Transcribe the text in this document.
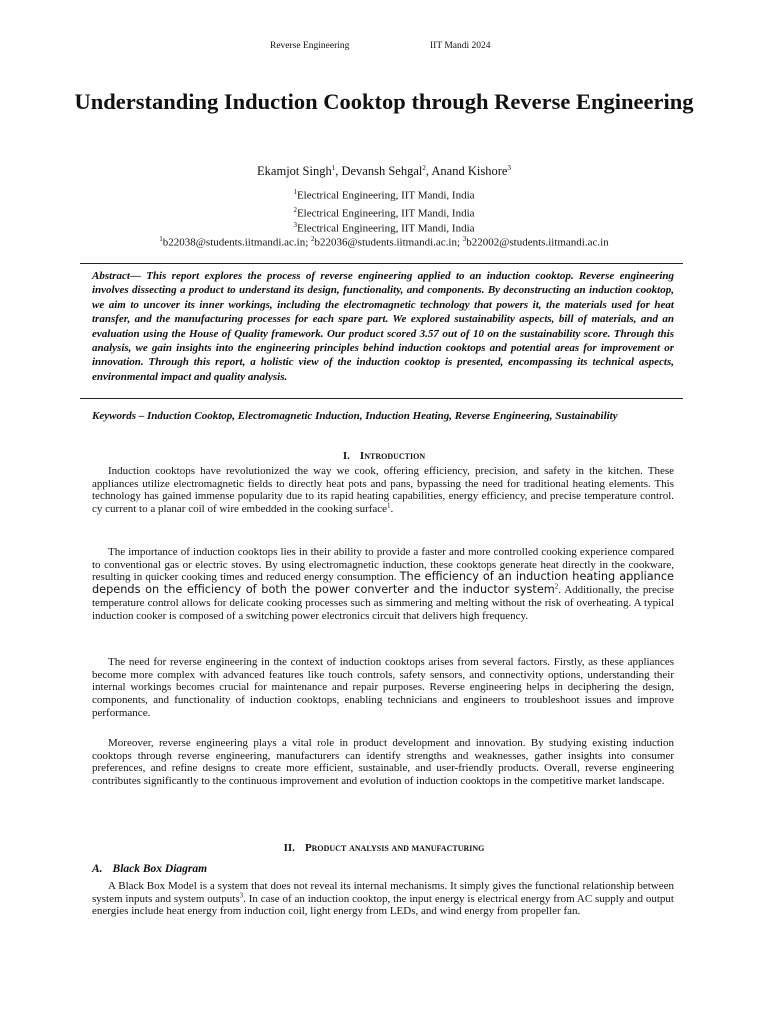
Reverse Engineering	IIT Mandi 2024
Understanding Induction Cooktop through Reverse Engineering
Ekamjot Singh$^1$, Devansh Sehgal$^2$, Anand Kishore$^3$
$^1$Electrical Engineering, IIT Mandi, India
$^2$Electrical Engineering, IIT Mandi, India
$^3$Electrical Engineering, IIT Mandi, India
$^1$b22038@students.iitmandi.ac.in; $^2$b22036@students.iitmandi.ac.in; $^3$b22002@students.iitmandi.ac.in

Abstract— This report explores the process of reverse engineering applied to an induction cooktop. Reverse engineering involves dissecting a product to understand its design, functionality, and components. By deconstructing an induction cooktop, we aim to uncover its inner workings, including the electromagnetic technology that powers it, the materials used for heat transfer, and the manufacturing processes for each spare part. We explored sustainability aspects, bill of materials, and an evaluation using the House of Quality framework. Our product scored 3.57 out of 10 on the sustainability score. Through this analysis, we gain insights into the engineering principles behind induction cooktops and potential areas for improvement or innovation. Through this report, a holistic view of the induction cooktop is presented, encompassing its technical aspects, environmental impact and quality analysis.

Keywords – Induction Cooktop, Electromagnetic Induction, Induction Heating, Reverse Engineering, Sustainability

I. Introduction

Induction cooktops have revolutionized the way we cook, offering efficiency, precision, and safety in the kitchen. These appliances utilize electromagnetic fields to directly heat pots and pans, bypassing the need for traditional heating elements. This technology has gained immense popularity due to its rapid heating capabilities, energy efficiency, and precise temperature control. cy current to a planar coil of wire embedded in the cooking surface$^1$.

The importance of induction cooktops lies in their ability to provide a faster and more controlled cooking experience compared to conventional gas or electric stoves. By using electromagnetic induction, these cooktops generate heat directly in the cookware, resulting in quicker cooking times and reduced energy consumption. The efficiency of an induction heating appliance depends on the efficiency of both the power converter and the inductor system$^2$. Additionally, the precise temperature control allows for delicate cooking processes such as simmering and melting without the risk of overheating. A typical induction cooker is composed of a switching power electronics circuit that delivers high frequency.

The need for reverse engineering in the context of induction cooktops arises from several factors. Firstly, as these appliances become more complex with advanced features like touch controls, safety sensors, and connectivity options, understanding their internal workings becomes crucial for maintenance and repair purposes. Reverse engineering helps in deciphering the design, components, and functionality of induction cooktops, enabling technicians and engineers to troubleshoot issues and improve performance.

Moreover, reverse engineering plays a vital role in product development and innovation. By studying existing induction cooktops through reverse engineering, manufacturers can identify strengths and weaknesses, gather insights into consumer preferences, and refine designs to create more efficient, sustainable, and user-friendly products. Overall, reverse engineering contributes significantly to the continuous improvement and evolution of induction cooktops in the competitive market landscape.

II. Product analysis and manufacturing
A. Black Box Diagram

A Black Box Model is a system that does not reveal its internal mechanisms. It simply gives the functional relationship between system inputs and system outputs$^3$. In case of an induction cooktop, the input energy is electrical energy from AC supply and output energies include heat energy from induction coil, light energy from LEDs, and wind energy from propeller fan.
